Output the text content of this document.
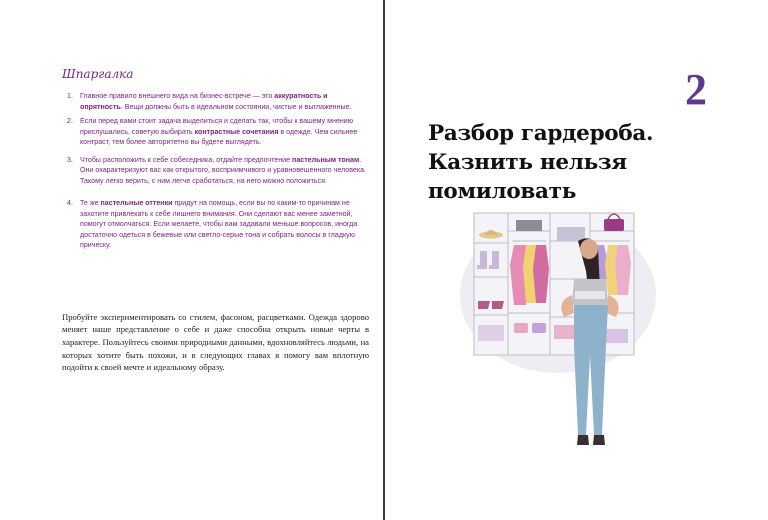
Шпаргалка
1. Главное правило внешнего вида на бизнес-встрече — это аккуратность и опрятность. Вещи должны быть в идеальном состоянии, чистые и выглаженные.
2. Если перед вами стоит задача выделиться и сделать так, чтобы к вашему мнению прислушались, советую выбирать контрастные сочетания в одежде. Чем сильнее контраст, тем более авторитетно вы будете выглядеть.
3. Чтобы расположить к себе собеседника, отдайте предпочтение пастельным тонам. Они охарактеризуют вас как открытого, восприимчивого и уравновешенного человека. Такому легко верить, с ним легче сработаться, на него можно положиться.
4. Те же пастельные оттенки придут на помощь, если вы по каким-то причинам не захотите привлекать к себе лишнего внимания. Они сделают вас менее заметной, помогут отмолчаться. Если желаете, чтобы вам задавали меньше вопросов, иногда достаточно одеться в бежевые или светло-серые тона и собрать волосы в гладкую прическу.

Пробуйте экспериментировать со стилем, фасоном, расцветками. Одежда здорово меняет наше представление о себе и даже способна открыть новые черты в характере. Пользуйтесь своими природными данными, вдохновляйтесь людьми, на которых хотите быть похожи, и в следующих главах я помогу вам вплотную подойти к своей мечте и идеальному образу.

2
Разбор гардероба.
Казнить нельзя
помиловать
